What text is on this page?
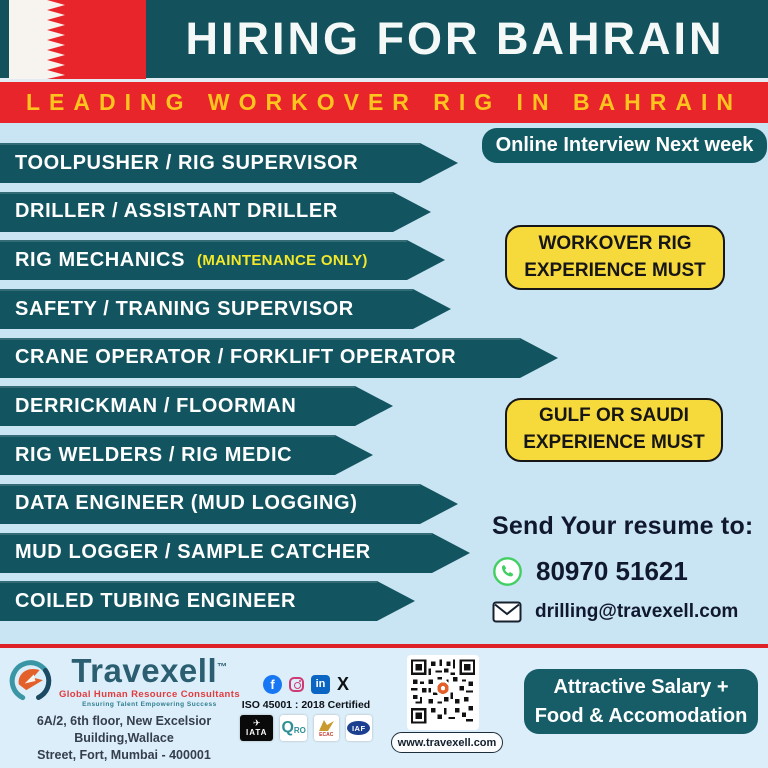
HIRING FOR BAHRAIN
LEADING WORKOVER RIG IN BAHRAIN
Online Interview Next week
TOOLPUSHER / RIG SUPERVISOR
DRILLER / ASSISTANT DRILLER
RIG MECHANICS (MAINTENANCE ONLY)
SAFETY / TRANING SUPERVISOR
CRANE OPERATOR / FORKLIFT OPERATOR
DERRICKMAN / FLOORMAN
RIG WELDERS / RIG MEDIC
DATA ENGINEER (MUD LOGGING)
MUD LOGGER / SAMPLE CATCHER
COILED TUBING ENGINEER
WORKOVER RIG
EXPERIENCE MUST
GULF OR SAUDI
EXPERIENCE MUST
Send Your resume to:
80970 51621
drilling@travexell.com
Travexell™
Global Human Resource Consultants
Ensuring Talent Empowering Success
6A/2, 6th floor, New Excelsior Building,Wallace
Street, Fort, Mumbai - 400001
f	in X
ISO 45001 : 2018 Certified
✈
IATA Q RO
ECAC
IAF
www.travexell.com
Attractive Salary +
Food & Accomodation
